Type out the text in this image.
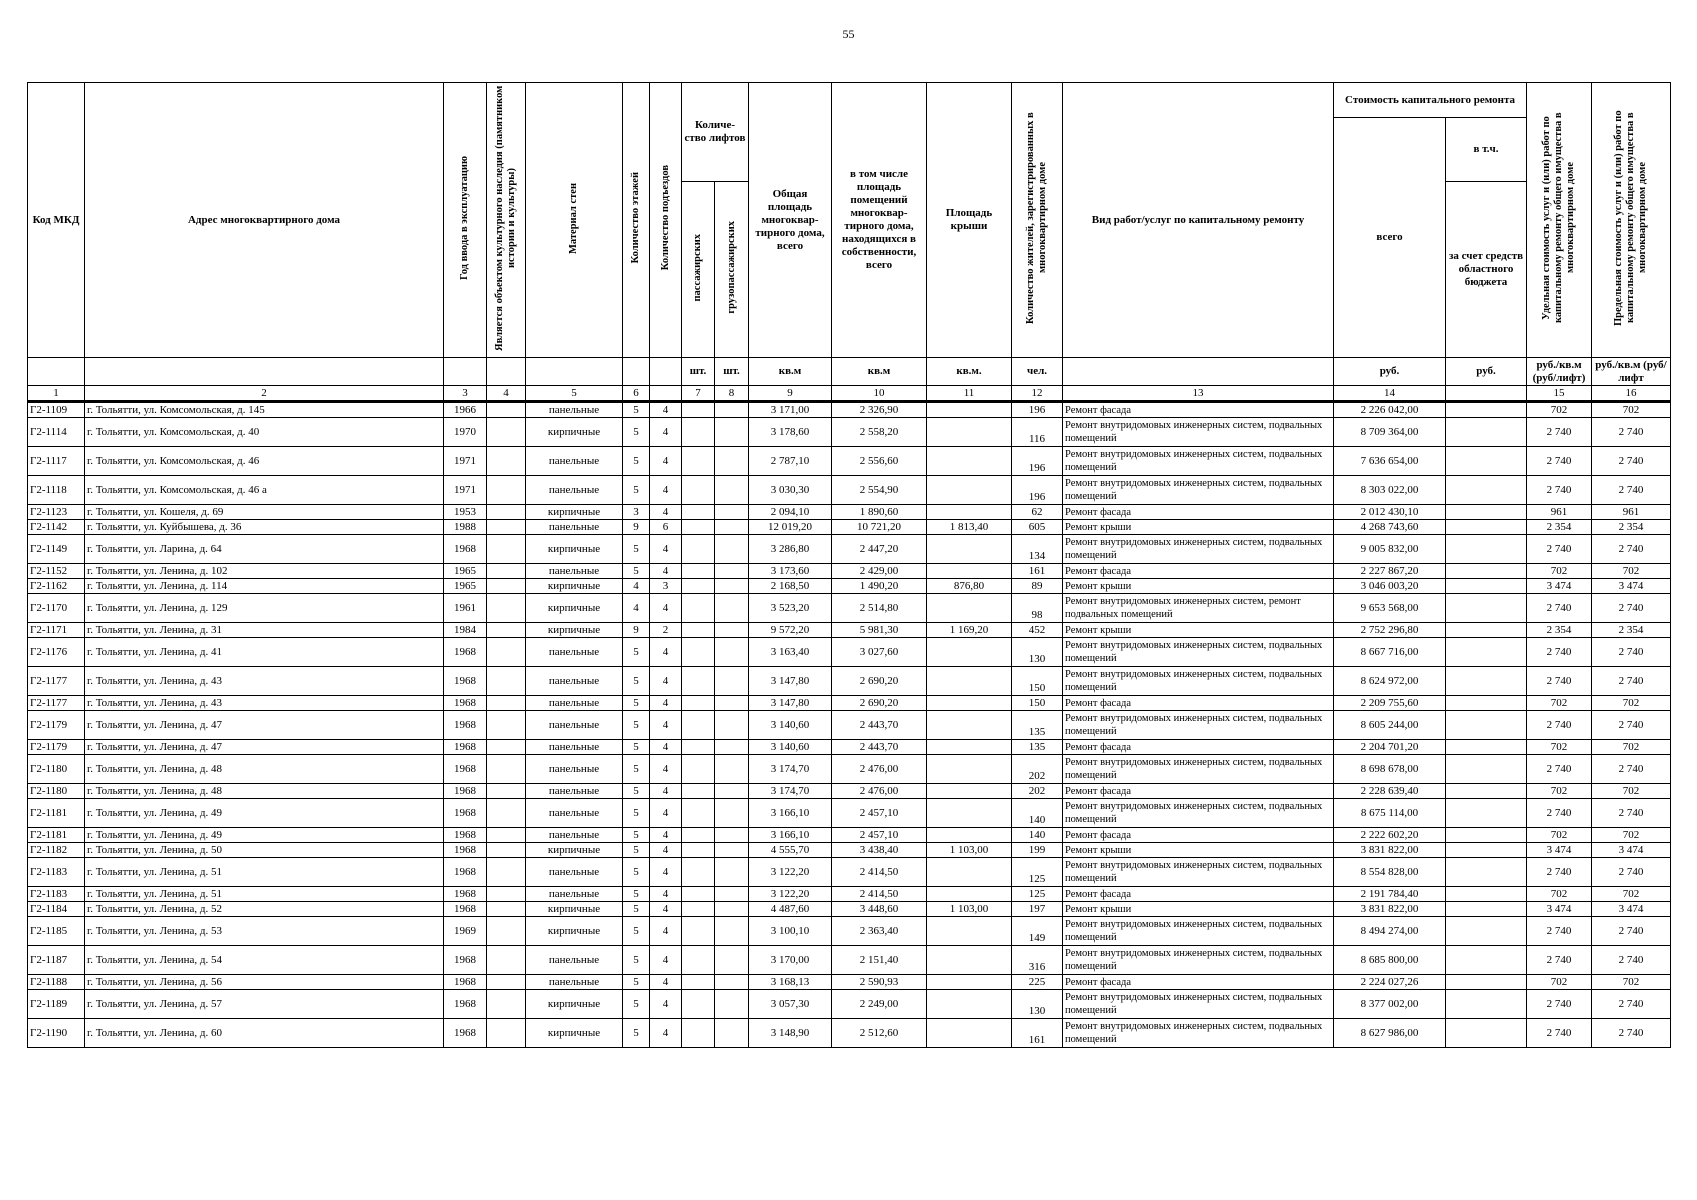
55
Код МКД	Адрес многоквартирного дома	Год ввода в эксплуатацию	Является объектом культурного наследия (памятником истории и культуры)	Материал стен	Количество этажей	Количество подъездов	Количе- ство лифтов		Общая площадь многоквар- тирного дома, всего	в том числе площадь помещений многоквар- тирного дома, находящихся в собственности, всего	Площадь крыши	Количество жителей, зарегистрированных в многоквартирном доме	Вид работ/услуг по капитальному ремонту	Стоимость капитального ремонта		Удельная стоимость услуг и (или) работ по капитальному ремонту общего имущества в многоквартирном доме	Предельная стоимость услуг и (или) работ по капитальному ремонту общего имущества в многоквартирном доме
														всего	в т.ч.		
							пассажирских	грузопассажирских							за счет средств областного бюджета		
							шт.	шт.	кв.м	кв.м	кв.м.	чел.		руб.	руб.	руб./кв.м (руб/лифт)	руб./кв.м (руб/лифт
1	2	3	4	5	6		7	8	9	10	11	12	13	14		15	16
Г2-1109	г. Тольятти, ул. Комсомольская, д. 145	1966		панельные	5	4			3 171,00	2 326,90		196	Ремонт фасада	2 226 042,00		702	702
Г2-1114	г. Тольятти, ул. Комсомольская, д. 40	1970		кирпичные	5	4			3 178,60	2 558,20		116	Ремонт внутридомовых инженерных систем, подвальных помещений	8 709 364,00		2 740	2 740
Г2-1117	г. Тольятти, ул. Комсомольская, д. 46	1971		панельные	5	4			2 787,10	2 556,60		196	Ремонт внутридомовых инженерных систем, подвальных помещений	7 636 654,00		2 740	2 740
Г2-1118	г. Тольятти, ул. Комсомольская, д. 46 а	1971		панельные	5	4			3 030,30	2 554,90		196	Ремонт внутридомовых инженерных систем, подвальных помещений	8 303 022,00		2 740	2 740
Г2-1123	г. Тольятти, ул. Кошеля, д. 69	1953		кирпичные	3	4			2 094,10	1 890,60		62	Ремонт фасада	2 012 430,10		961	961
Г2-1142	г. Тольятти, ул. Куйбышева, д. 36	1988		панельные	9	6			12 019,20	10 721,20	1 813,40	605	Ремонт крыши	4 268 743,60		2 354	2 354
Г2-1149	г. Тольятти, ул. Ларина, д. 64	1968		кирпичные	5	4			3 286,80	2 447,20		134	Ремонт внутридомовых инженерных систем, подвальных помещений	9 005 832,00		2 740	2 740
Г2-1152	г. Тольятти, ул. Ленина, д. 102	1965		панельные	5	4			3 173,60	2 429,00		161	Ремонт фасада	2 227 867,20		702	702
Г2-1162	г. Тольятти, ул. Ленина, д. 114	1965		кирпичные	4	3			2 168,50	1 490,20	876,80	89	Ремонт крыши	3 046 003,20		3 474	3 474
Г2-1170	г. Тольятти, ул. Ленина, д. 129	1961		кирпичные	4	4			3 523,20	2 514,80		98	Ремонт внутридомовых инженерных систем, ремонт подвальных помещений	9 653 568,00		2 740	2 740
Г2-1171	г. Тольятти, ул. Ленина, д. 31	1984		кирпичные	9	2			9 572,20	5 981,30	1 169,20	452	Ремонт крыши	2 752 296,80		2 354	2 354
Г2-1176	г. Тольятти, ул. Ленина, д. 41	1968		панельные	5	4			3 163,40	3 027,60		130	Ремонт внутридомовых инженерных систем, подвальных помещений	8 667 716,00		2 740	2 740
Г2-1177	г. Тольятти, ул. Ленина, д. 43	1968		панельные	5	4			3 147,80	2 690,20		150	Ремонт внутридомовых инженерных систем, подвальных помещений	8 624 972,00		2 740	2 740
Г2-1177	г. Тольятти, ул. Ленина, д. 43	1968		панельные	5	4			3 147,80	2 690,20		150	Ремонт фасада	2 209 755,60		702	702
Г2-1179	г. Тольятти, ул. Ленина, д. 47	1968		панельные	5	4			3 140,60	2 443,70		135	Ремонт внутридомовых инженерных систем, подвальных помещений	8 605 244,00		2 740	2 740
Г2-1179	г. Тольятти, ул. Ленина, д. 47	1968		панельные	5	4			3 140,60	2 443,70		135	Ремонт фасада	2 204 701,20		702	702
Г2-1180	г. Тольятти, ул. Ленина, д. 48	1968		панельные	5	4			3 174,70	2 476,00		202	Ремонт внутридомовых инженерных систем, подвальных помещений	8 698 678,00		2 740	2 740
Г2-1180	г. Тольятти, ул. Ленина, д. 48	1968		панельные	5	4			3 174,70	2 476,00		202	Ремонт фасада	2 228 639,40		702	702
Г2-1181	г. Тольятти, ул. Ленина, д. 49	1968		панельные	5	4			3 166,10	2 457,10		140	Ремонт внутридомовых инженерных систем, подвальных помещений	8 675 114,00		2 740	2 740
Г2-1181	г. Тольятти, ул. Ленина, д. 49	1968		панельные	5	4			3 166,10	2 457,10		140	Ремонт фасада	2 222 602,20		702	702
Г2-1182	г. Тольятти, ул. Ленина, д. 50	1968		кирпичные	5	4			4 555,70	3 438,40	1 103,00	199	Ремонт крыши	3 831 822,00		3 474	3 474
Г2-1183	г. Тольятти, ул. Ленина, д. 51	1968		панельные	5	4			3 122,20	2 414,50		125	Ремонт внутридомовых инженерных систем, подвальных помещений	8 554 828,00		2 740	2 740
Г2-1183	г. Тольятти, ул. Ленина, д. 51	1968		панельные	5	4			3 122,20	2 414,50		125	Ремонт фасада	2 191 784,40		702	702
Г2-1184	г. Тольятти, ул. Ленина, д. 52	1968		кирпичные	5	4			4 487,60	3 448,60	1 103,00	197	Ремонт крыши	3 831 822,00		3 474	3 474
Г2-1185	г. Тольятти, ул. Ленина, д. 53	1969		кирпичные	5	4			3 100,10	2 363,40		149	Ремонт внутридомовых инженерных систем, подвальных помещений	8 494 274,00		2 740	2 740
Г2-1187	г. Тольятти, ул. Ленина, д. 54	1968		панельные	5	4			3 170,00	2 151,40		316	Ремонт внутридомовых инженерных систем, подвальных помещений	8 685 800,00		2 740	2 740
Г2-1188	г. Тольятти, ул. Ленина, д. 56	1968		панельные	5	4			3 168,13	2 590,93		225	Ремонт фасада	2 224 027,26		702	702
Г2-1189	г. Тольятти, ул. Ленина, д. 57	1968		кирпичные	5	4			3 057,30	2 249,00		130	Ремонт внутридомовых инженерных систем, подвальных помещений	8 377 002,00		2 740	2 740
Г2-1190	г. Тольятти, ул. Ленина, д. 60	1968		кирпичные	5	4			3 148,90	2 512,60		161	Ремонт внутридомовых инженерных систем, подвальных помещений	8 627 986,00		2 740	2 740
